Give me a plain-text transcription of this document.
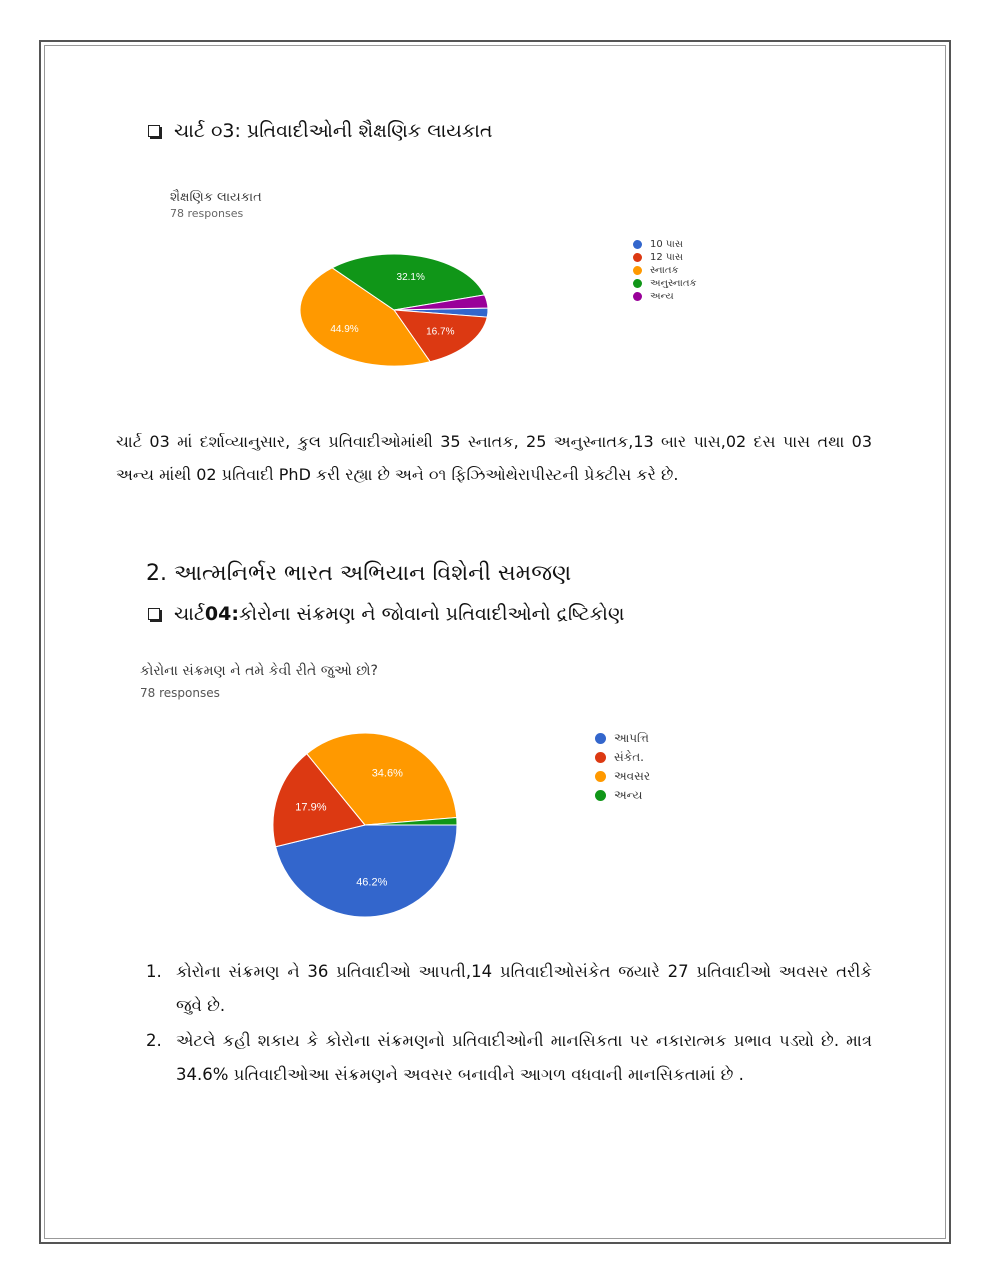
ચાર્ટ ૦3: પ્રતિવાદીઓની શૈક્ષણિક લાયકાત
શૈક્ષણિક લાયકાત
78 responses
16.7%
44.9%
32.1%
10 પાસ
12 પાસ
સ્નાતક
અનુસ્નાતક
અન્ય
ચાર્ટ 03 માં દર્શાવ્યાનુસાર, કુલ પ્રતિવાદીઓમાંથી 35 સ્નાતક, 25 અનુસ્નાતક,13 બાર પાસ,02 દસ પાસ તથા 03 અન્ય માંથી 02 પ્રતિવાદી PhD કરી રહ્યા છે અને ૦૧ ફિઝિઓથેરાપીસ્ટની પ્રેક્ટીસ કરે છે.
2. આત્મનિર્ભર ભારત અભિયાન વિશેની સમજણ
ચાર્ટ 04: કોરોના સંક્રમણ ને જોવાનો પ્રતિવાદીઓનો દ્રષ્ટિકોણ
કોરોના સંક્રમણ ને તમે કેવી રીતે જુઓ છો?
78 responses
46.2%
17.9%
34.6%
આપત્તિ
સંકેત.
અવસર
અન્ય
1. કોરોના સંક્રમણ ને 36 પ્રતિવાદીઓ આપતી,14 પ્રતિવાદીઓસંકેત જયારે 27 પ્રતિવાદીઓ અવસર તરીકે જુવે છે.
2. એટલે કહી શકાય કે કોરોના સંક્રમણનો પ્રતિવાદીઓની માનસિકતા પર નકારાત્મક પ્રભાવ પડ્યો છે. માત્ર 34.6% પ્રતિવાદીઓઆ સંક્રમણને અવસર બનાવીને આગળ વધવાની માનસિકતામાં છે .
